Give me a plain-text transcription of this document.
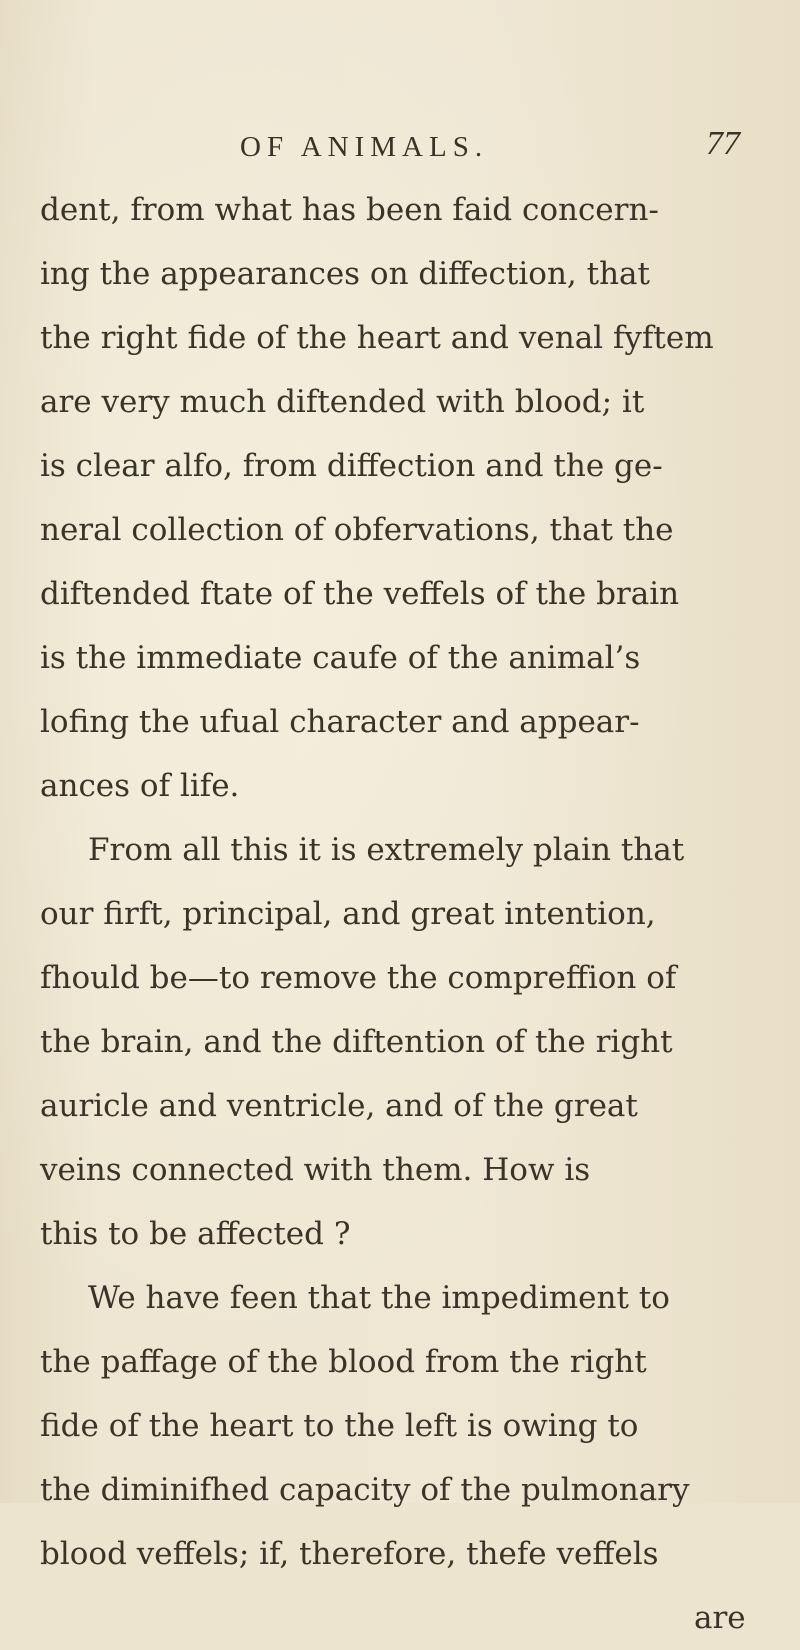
OF ANIMALS.	77
dent, from what has been faid concern-
ing the appearances on diffection, that
the right fide of the heart and venal fyftem
are very much diftended with blood; it
is clear alfo, from diffection and the ge-
neral collection of obfervations, that the
diftended ftate of the veffels of the brain
is the immediate caufe of the animal’s
lofing the ufual character and appear-
ances of life.
From all this it is extremely plain that
our firft, principal, and great intention,
fhould be—to remove the compreffion of
the brain, and the diftention of the right
auricle and ventricle, and of the great
veins connected with them. How is
this to be affected ?
We have feen that the impediment to
the paffage of the blood from the right
fide of the heart to the left is owing to
the diminifhed capacity of the pulmonary
blood veffels; if, therefore, thefe veffels
are
